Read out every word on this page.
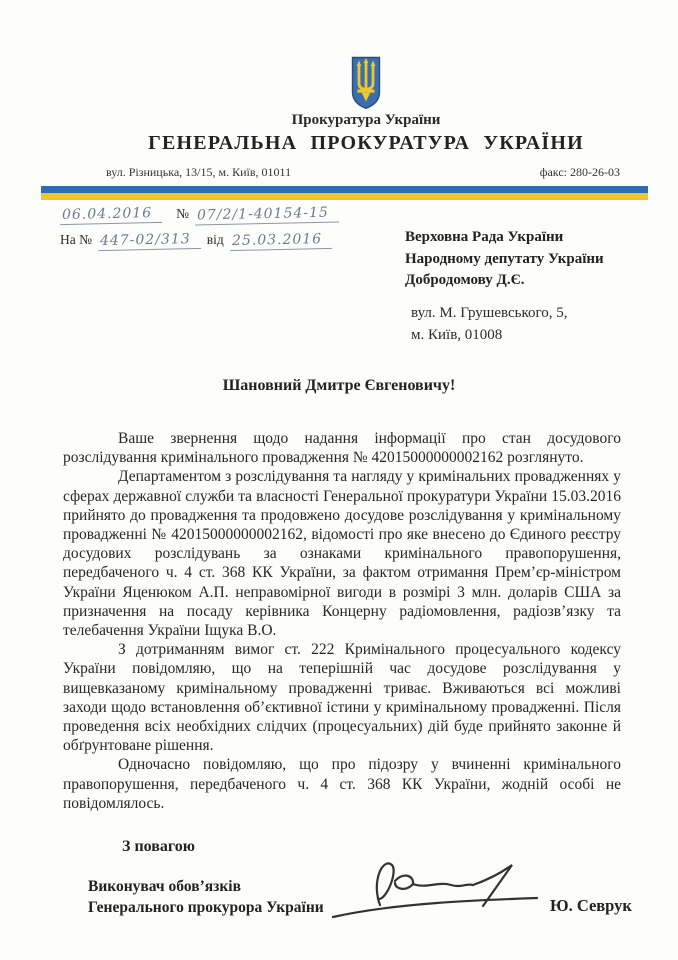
Прокуратура України
ГЕНЕРАЛЬНА ПРОКУРАТУРА УКРАЇНИ
вул. Різницька, 13/15, м. Київ, 01011	факс: 280-26-03
06.04.2016 № 07/2/1-40154-15
На № 447-02/313 від 25.03.2016	Верховна Рада України
Народному депутату України
Добродомову Д.Є.
вул. М. Грушевського, 5,
м. Київ, 01008
Шановний Дмитре Євгеновичу!

Ваше звернення щодо надання інформації про стан досудового розслідування кримінального провадження № 42015000000002162 розглянуто.

Департаментом з розслідування та нагляду у кримінальних провадженнях у сферах державної служби та власності Генеральної прокуратури України 15.03.2016 прийнято до провадження та продовжено досудове розслідування у кримінальному провадженні № 42015000000002162, відомості про яке внесено до Єдиного реєстру досудових розслідувань за ознаками кримінального правопорушення, передбаченого ч. 4 ст. 368 КК України, за фактом отримання Прем’єр-міністром України Яценюком А.П. неправомірної вигоди в розмірі 3 млн. доларів США за призначення на посаду керівника Концерну радіомовлення, радіозв’язку та телебачення України Іщука В.О.

З дотриманням вимог ст. 222 Кримінального процесуального кодексу України повідомляю, що на теперішній час досудове розслідування у вищевказаному кримінальному провадженні триває. Вживаються всі можливі заходи щодо встановлення об’єктивної істини у кримінальному провадженні. Після проведення всіх необхідних слідчих (процесуальних) дій буде прийнято законне й обґрунтоване рішення.

Одночасно повідомляю, що про підозру у вчиненні кримінального правопорушення, передбаченого ч. 4 ст. 368 КК України, жодній особі не повідомлялось.

З повагою
Виконувач обов’язків
Генерального прокурора України	Ю. Севрук
